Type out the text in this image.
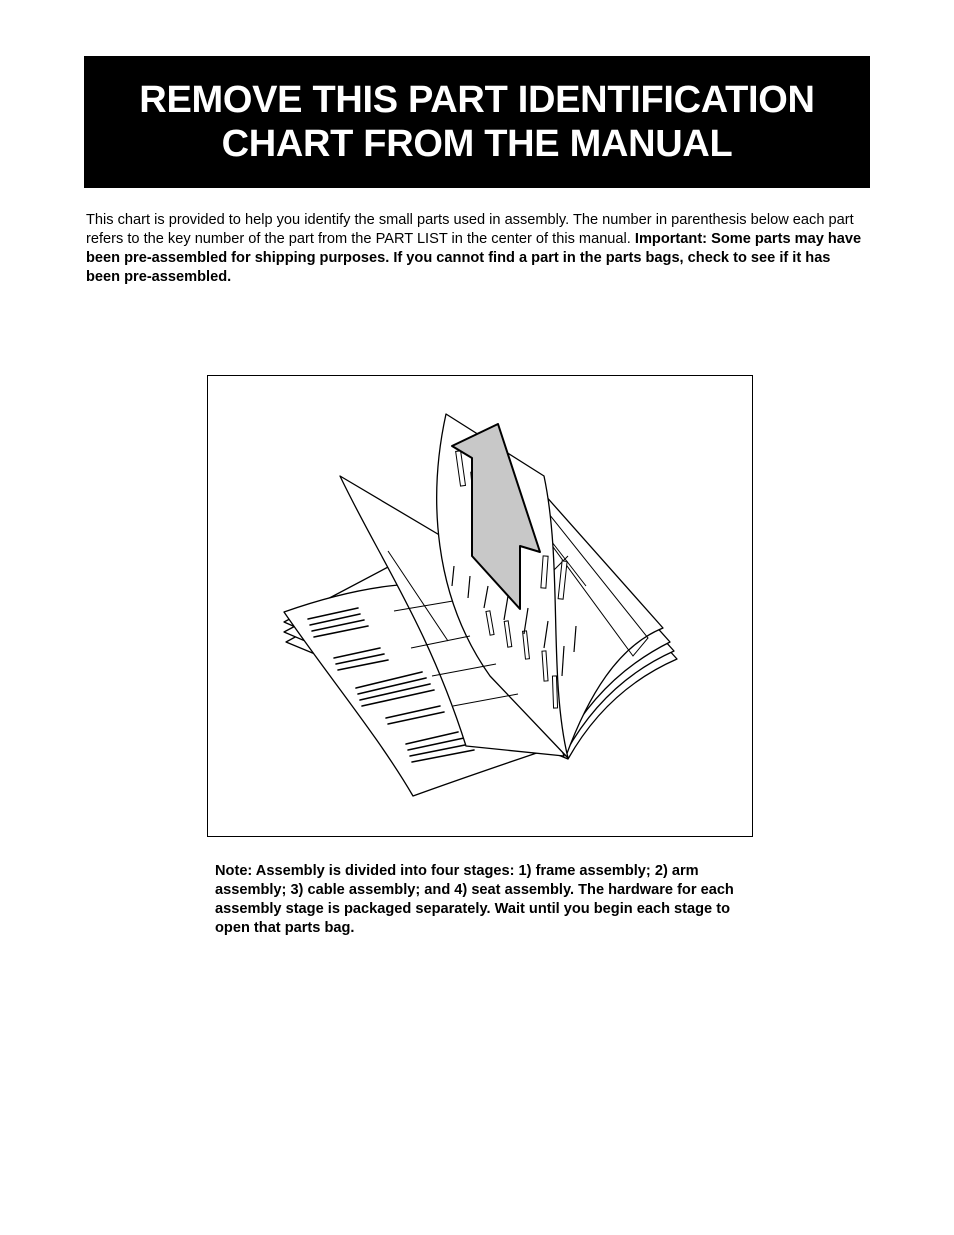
REMOVE THIS PART IDENTIFICATION
CHART FROM THE MANUAL

This chart is provided to help you identify the small parts used in assembly. The number in parenthesis below each part refers to the key number of the part from the PART LIST in the center of this manual. Important: Some parts may have been pre-assembled for shipping purposes. If you cannot find a part in the parts bags, check to see if it has been pre-assembled.

Note: Assembly is divided into four stages: 1) frame assembly; 2) arm assembly; 3) cable assembly; and 4) seat assembly. The hardware for each assembly stage is packaged separately. Wait until you begin each stage to open that parts bag.
